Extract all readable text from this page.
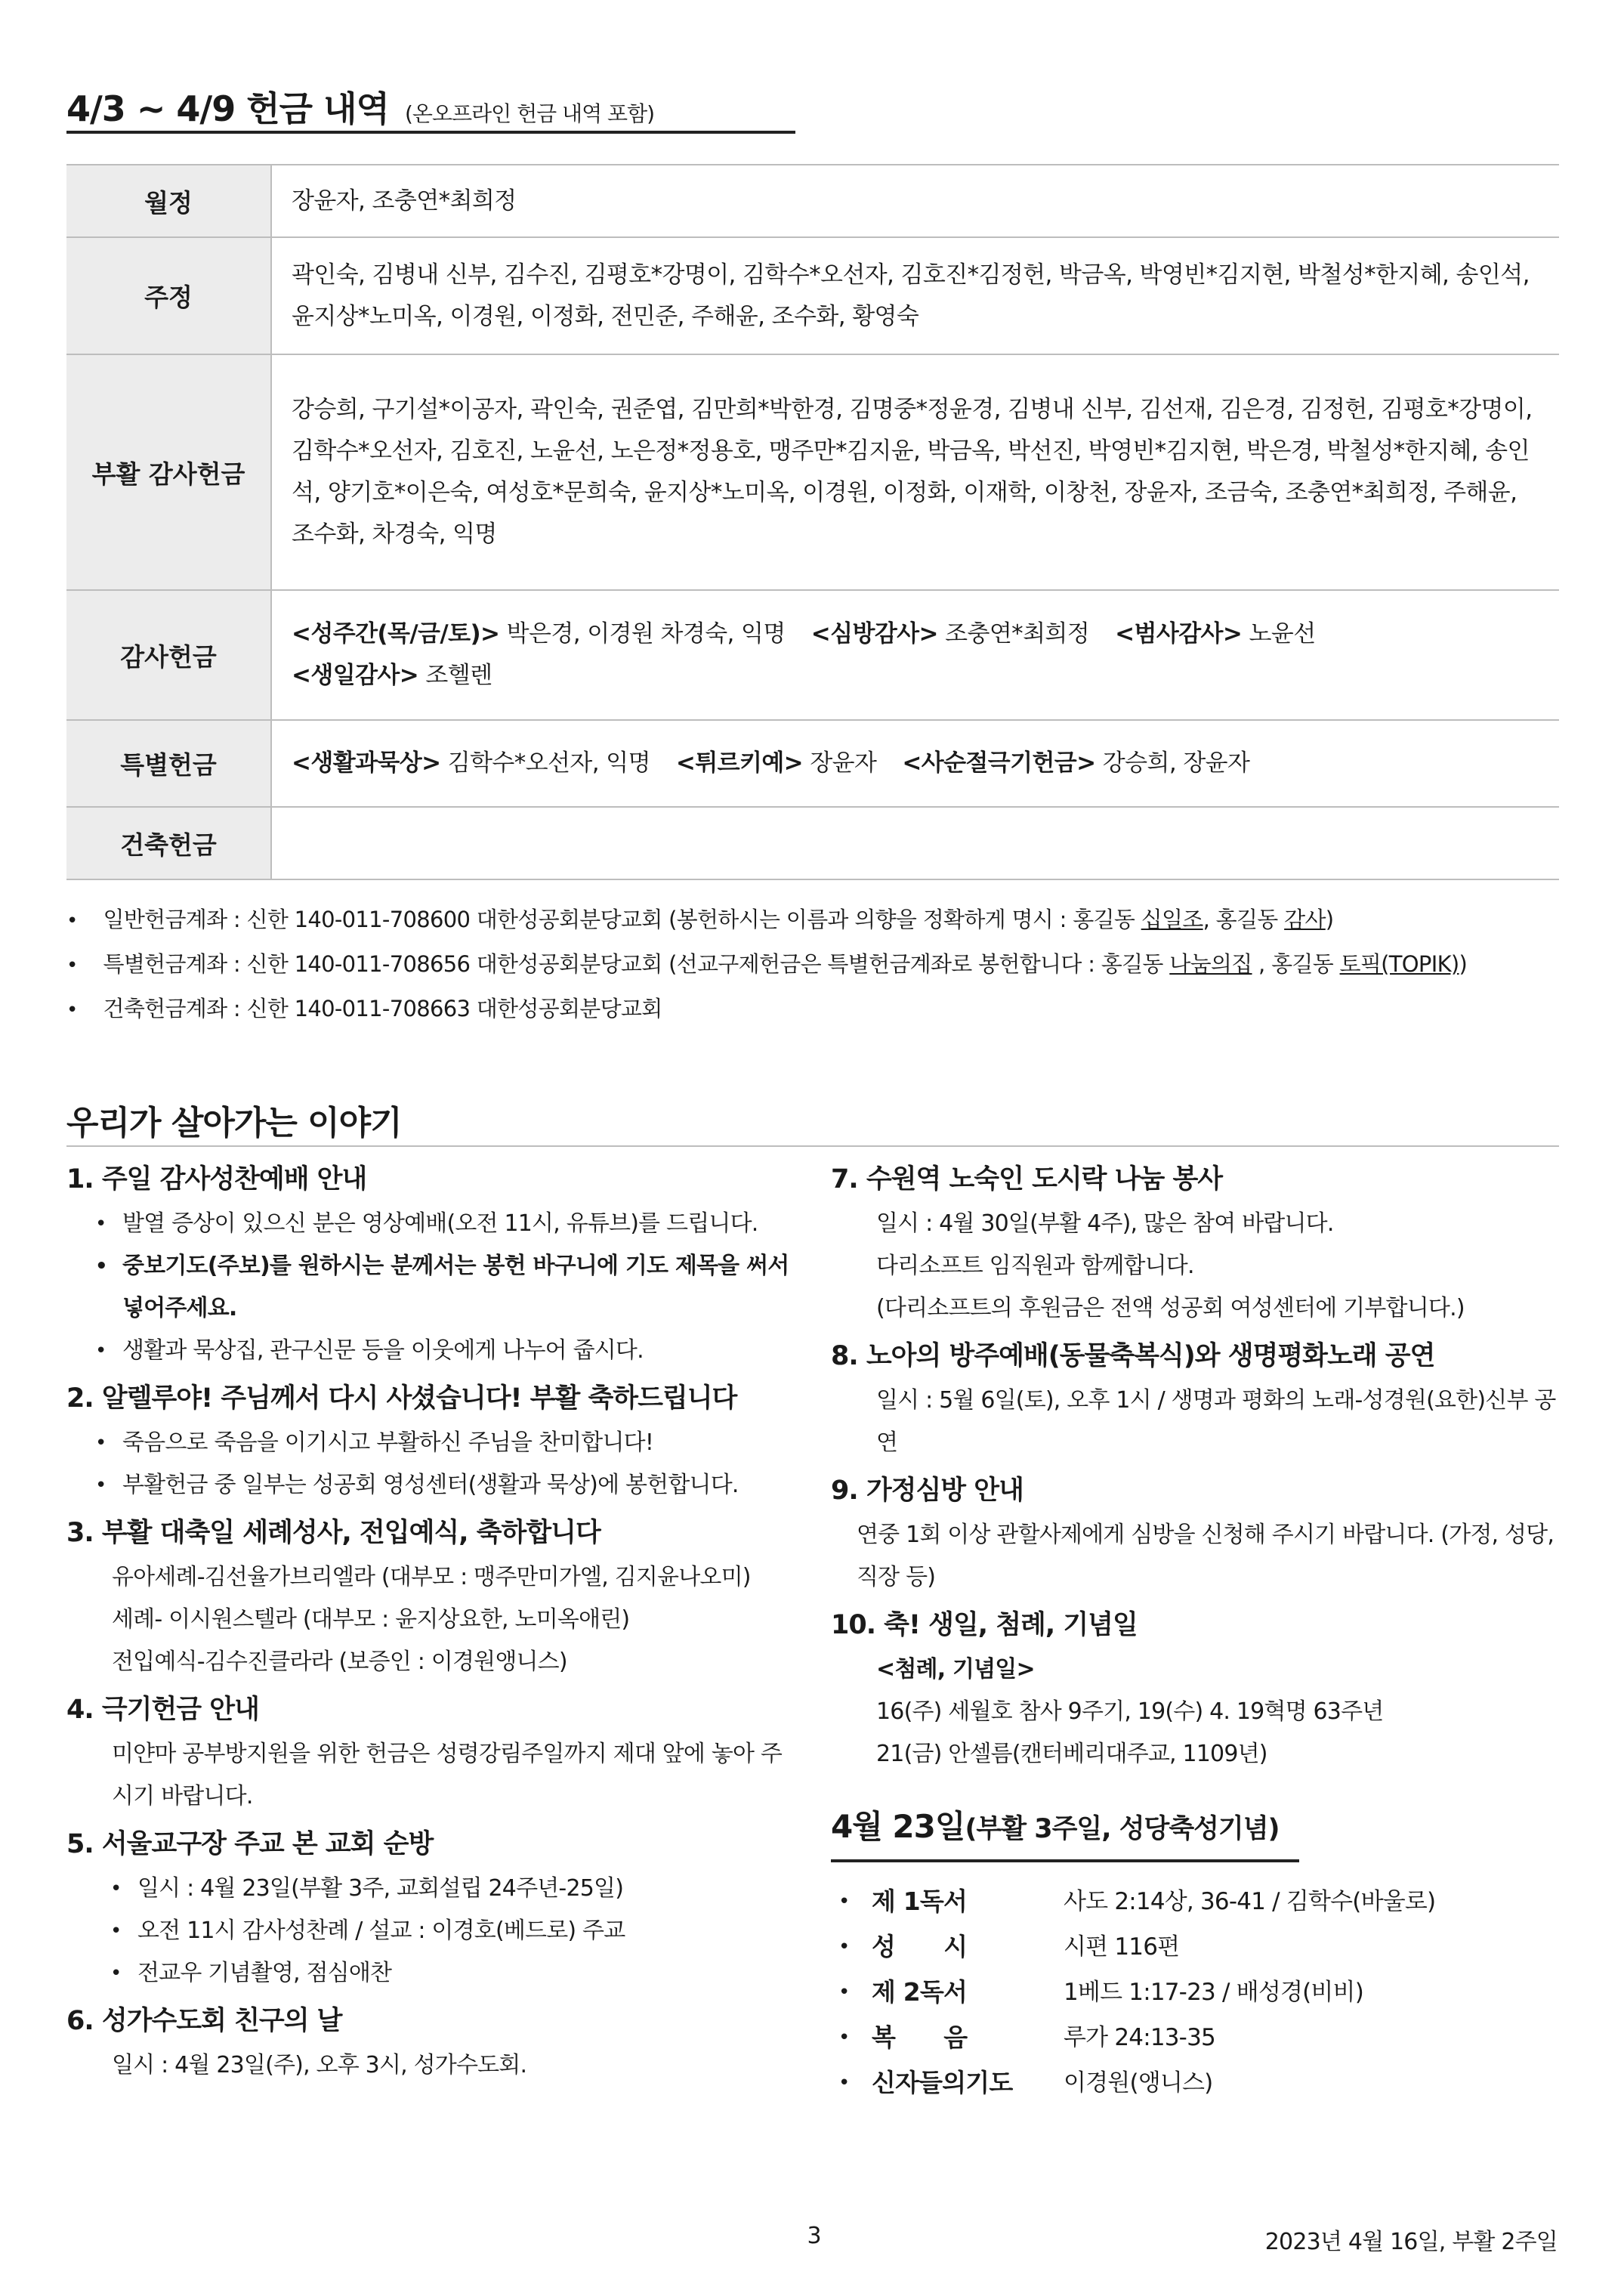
4/3 ~ 4/9 헌금 내역 (온오프라인 헌금 내역 포함)
월정	장윤자, 조충연*최희정
주정	곽인숙, 김병내 신부, 김수진, 김평호*강명이, 김학수*오선자, 김호진*김정헌, 박금옥, 박영빈*김지현, 박철성*한지혜, 송인석, 윤지상*노미옥, 이경원, 이정화, 전민준, 주해윤, 조수화, 황영숙
부활 감사헌금	강승희, 구기설*이공자, 곽인숙, 권준엽, 김만희*박한경, 김명중*정윤경, 김병내 신부, 김선재, 김은경, 김정헌, 김평호*강명이, 김학수*오선자, 김호진, 노윤선, 노은정*정용호, 맹주만*김지윤, 박금옥, 박선진, 박영빈*김지현, 박은경, 박철성*한지혜, 송인석, 양기호*이은숙, 여성호*문희숙, 윤지상*노미옥, 이경원, 이정화, 이재학, 이창천, 장윤자, 조금숙, 조충연*최희정, 주해윤, 조수화, 차경숙, 익명
감사헌금	<성주간(목/금/토)> 박은경, 이경원 차경숙, 익명 <심방감사> 조충연*최희정 <범사감사> 노윤선
<생일감사> 조헬렌
특별헌금	<생활과묵상> 김학수*오선자, 익명 <튀르키예> 장윤자 <사순절극기헌금> 강승희, 장윤자
건축헌금	
• 일반헌금계좌 : 신한 140-011-708600 대한성공회분당교회 (봉헌하시는 이름과 의향을 정확하게 명시 : 홍길동 십일조, 홍길동 감사)
• 특별헌금계좌 : 신한 140-011-708656 대한성공회분당교회 (선교구제헌금은 특별헌금계좌로 봉헌합니다 : 홍길동 나눔의집 , 홍길동 토픽(TOPIK))
• 건축헌금계좌 : 신한 140-011-708663 대한성공회분당교회
우리가 살아가는 이야기
1. 주일 감사성찬예배 안내
• 발열 증상이 있으신 분은 영상예배(오전 11시, 유튜브)를 드립니다.
• 중보기도(주보)를 원하시는 분께서는 봉헌 바구니에 기도 제목을 써서
넣어주세요.
• 생활과 묵상집, 관구신문 등을 이웃에게 나누어 줍시다.
2. 알렐루야! 주님께서 다시 사셨습니다! 부활 축하드립니다
• 죽음으로 죽음을 이기시고 부활하신 주님을 찬미합니다!
• 부활헌금 중 일부는 성공회 영성센터(생활과 묵상)에 봉헌합니다.
3. 부활 대축일 세례성사, 전입예식, 축하합니다
유아세례-김선율가브리엘라 (대부모 : 맹주만미가엘, 김지윤나오미)
세례- 이시원스텔라 (대부모 : 윤지상요한, 노미옥애린)
전입예식-김수진클라라 (보증인 : 이경원앵니스)
4. 극기헌금 안내
미얀마 공부방지원을 위한 헌금은 성령강림주일까지 제대 앞에 놓아 주
시기 바랍니다.
5. 서울교구장 주교 본 교회 순방
• 일시 : 4월 23일(부활 3주, 교회설립 24주년-25일)
• 오전 11시 감사성찬례 / 설교 : 이경호(베드로) 주교
• 전교우 기념촬영, 점심애찬
6. 성가수도회 친구의 날
일시 : 4월 23일(주), 오후 3시, 성가수도회.
7. 수원역 노숙인 도시락 나눔 봉사
일시 : 4월 30일(부활 4주), 많은 참여 바랍니다.
다리소프트 임직원과 함께합니다.
(다리소프트의 후원금은 전액 성공회 여성센터에 기부합니다.)
8. 노아의 방주예배(동물축복식)와 생명평화노래 공연
일시 : 5월 6일(토), 오후 1시 / 생명과 평화의 노래-성경원(요한)신부 공연
9. 가정심방 안내
연중 1회 이상 관할사제에게 심방을 신청해 주시기 바랍니다. (가정, 성당,
직장 등)
10. 축! 생일, 첨례, 기념일
<첨례, 기념일>
16(주) 세월호 참사 9주기, 19(수) 4. 19혁명 63주년
21(금) 안셀름(캔터베리대주교, 1109년)
4월 23일(부활 3주일, 성당축성기념)
• 제 1독서	사도 2:14상, 36-41 / 김학수(바울로)
• 성      시	시편 116편
• 제 2독서	1베드 1:17-23 / 배성경(비비)
• 복      음	루가 24:13-35
• 신자들의기도	이경원(앵니스)
3	2023년 4월 16일, 부활 2주일
